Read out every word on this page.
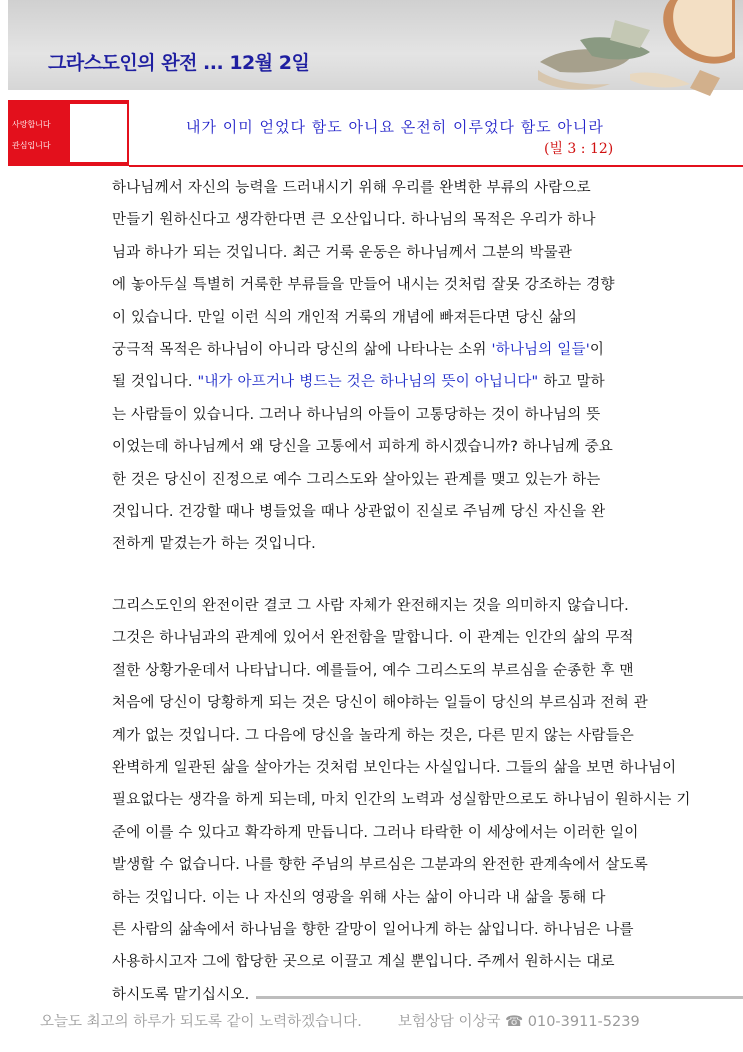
그라스도인의 완전 ... 12월 2일
사랑합니다
관심입니다
내가 이미 얻었다 함도 아니요 온전히 이루었다 함도 아니라
(빌 3 : 12)
하나님께서 자신의 능력을 드러내시기 위해 우리를 완벽한 부류의 사람으로
만들기 원하신다고 생각한다면 큰 오산입니다. 하나님의 목적은 우리가 하나
님과 하나가 되는 것입니다. 최근 거룩 운동은 하나님께서 그분의 박물관
에 놓아두실 특별히 거룩한 부류들을 만들어 내시는 것처럼 잘못 강조하는 경향
이 있습니다. 만일 이런 식의 개인적 거룩의 개념에 빠져든다면 당신 삶의
궁극적 목적은 하나님이 아니라 당신의 삶에 나타나는 소위 '하나님의 일들'이
될 것입니다. "내가 아프거나 병드는 것은 하나님의 뜻이 아닙니다" 하고 말하
는 사람들이 있습니다. 그러나 하나님의 아들이 고통당하는 것이 하나님의 뜻
이었는데 하나님께서 왜 당신을 고통에서 피하게 하시겠습니까? 하나님께 중요
한 것은 당신이 진정으로 예수 그리스도와 살아있는 관계를 맺고 있는가 하는
것입니다. 건강할 때나 병들었을 때나 상관없이 진실로 주님께 당신 자신을 완
전하게 맡겼는가 하는 것입니다.
그리스도인의 완전이란 결코 그 사람 자체가 완전해지는 것을 의미하지 않습니다.
그것은 하나님과의 관계에 있어서 완전함을 말합니다. 이 관계는 인간의 삶의 무적
절한 상황가운데서 나타납니다. 예를들어, 예수 그리스도의 부르심을 순종한 후 맨
처음에 당신이 당황하게 되는 것은 당신이 해야하는 일들이 당신의 부르심과 전혀 관
계가 없는 것입니다. 그 다음에 당신을 놀라게 하는 것은, 다른 믿지 않는 사람들은
완벽하게 일관된 삶을 살아가는 것처럼 보인다는 사실입니다. 그들의 삶을 보면 하나님이
필요없다는 생각을 하게 되는데, 마치 인간의 노력과 성실함만으로도 하나님이 원하시는 기
준에 이를 수 있다고 확각하게 만듭니다. 그러나 타락한 이 세상에서는 이러한 일이
발생할 수 없습니다. 나를 향한 주님의 부르심은 그분과의 완전한 관계속에서 살도록
하는 것입니다. 이는 나 자신의 영광을 위해 사는 삶이 아니라 내 삶을 통해 다
른 사람의 삶속에서 하나님을 향한 갈망이 일어나게 하는 삶입니다. 하나님은 나를
사용하시고자 그에 합당한 곳으로 이끌고 계실 뿐입니다. 주께서 원하시는 대로
하시도록 맡기십시오.
오늘도 최고의 하루가 되도록 같이 노력하겠습니다. 보험상담 이상국 ☎ 010-3911-5239
